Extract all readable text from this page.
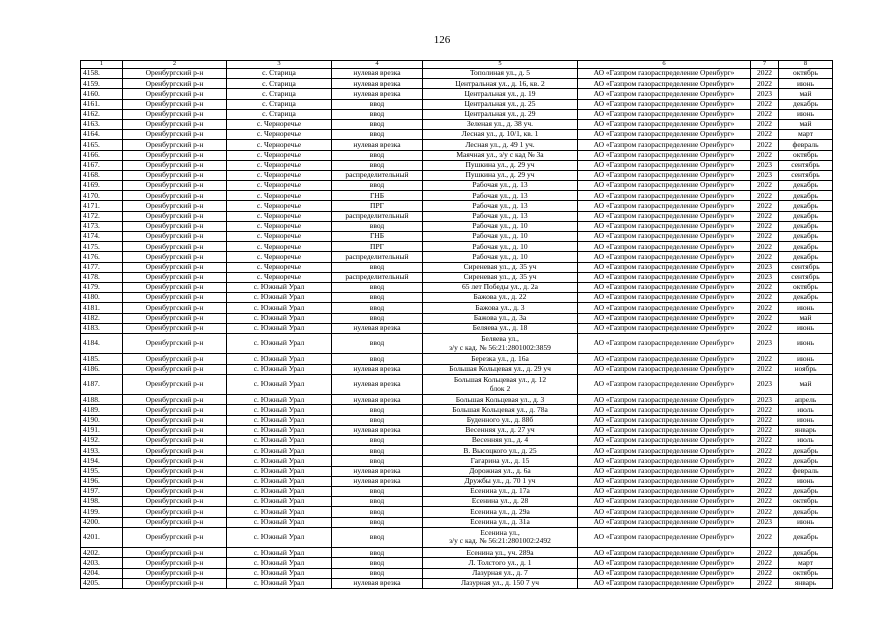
126
1	2	3	4	5	6	7	8
4158.	Оренбургский р-н	с. Старица	нулевая врезка	Тополиная ул., д. 5	АО «Газпром газораспределение Оренбург»	2022	октябрь
4159.	Оренбургский р-н	с. Старица	нулевая врезка	Центральная ул., д. 16, кв. 2	АО «Газпром газораспределение Оренбург»	2022	июнь
4160.	Оренбургский р-н	с. Старица	нулевая врезка	Центральная ул., д. 19	АО «Газпром газораспределение Оренбург»	2023	май
4161.	Оренбургский р-н	с. Старица	ввод	Центральная ул., д. 25	АО «Газпром газораспределение Оренбург»	2022	декабрь
4162.	Оренбургский р-н	с. Старица	ввод	Центральная ул., д. 29	АО «Газпром газораспределение Оренбург»	2022	июнь
4163.	Оренбургский р-н	с. Черноречье	ввод	Зеленая ул., д. 38 уч.	АО «Газпром газораспределение Оренбург»	2022	май
4164.	Оренбургский р-н	с. Черноречье	ввод	Лесная ул., д. 10/1, кв. 1	АО «Газпром газораспределение Оренбург»	2022	март
4165.	Оренбургский р-н	с. Черноречье	нулевая врезка	Лесная ул., д. 49 1 уч.	АО «Газпром газораспределение Оренбург»	2022	февраль
4166.	Оренбургский р-н	с. Черноречье	ввод	Маячная ул., з/у с кад № 3а	АО «Газпром газораспределение Оренбург»	2022	октябрь
4167.	Оренбургский р-н	с. Черноречье	ввод	Пушкина ул., д. 29 уч	АО «Газпром газораспределение Оренбург»	2023	сентябрь
4168.	Оренбургский р-н	с. Черноречье	распределительный	Пушкина ул., д. 29 уч	АО «Газпром газораспределение Оренбург»	2023	сентябрь
4169.	Оренбургский р-н	с. Черноречье	ввод	Рабочая ул., д. 13	АО «Газпром газораспределение Оренбург»	2022	декабрь
4170.	Оренбургский р-н	с. Черноречье	ГНБ	Рабочая ул., д. 13	АО «Газпром газораспределение Оренбург»	2022	декабрь
4171.	Оренбургский р-н	с. Черноречье	ПРГ	Рабочая ул., д. 13	АО «Газпром газораспределение Оренбург»	2022	декабрь
4172.	Оренбургский р-н	с. Черноречье	распределительный	Рабочая ул., д. 13	АО «Газпром газораспределение Оренбург»	2022	декабрь
4173.	Оренбургский р-н	с. Черноречье	ввод	Рабочая ул., д. 10	АО «Газпром газораспределение Оренбург»	2022	декабрь
4174.	Оренбургский р-н	с. Черноречье	ГНБ	Рабочая ул., д. 10	АО «Газпром газораспределение Оренбург»	2022	декабрь
4175.	Оренбургский р-н	с. Черноречье	ПРГ	Рабочая ул., д. 10	АО «Газпром газораспределение Оренбург»	2022	декабрь
4176.	Оренбургский р-н	с. Черноречье	распределительный	Рабочая ул., д. 10	АО «Газпром газораспределение Оренбург»	2022	декабрь
4177.	Оренбургский р-н	с. Черноречье	ввод	Сиреневая ул., д. 35 уч	АО «Газпром газораспределение Оренбург»	2023	сентябрь
4178.	Оренбургский р-н	с. Черноречье	распределительный	Сиреневая ул., д. 35 уч	АО «Газпром газораспределение Оренбург»	2023	сентябрь
4179.	Оренбургский р-н	с. Южный Урал	ввод	65 лет Победы ул., д. 2а	АО «Газпром газораспределение Оренбург»	2022	октябрь
4180.	Оренбургский р-н	с. Южный Урал	ввод	Бажова ул., д. 22	АО «Газпром газораспределение Оренбург»	2022	декабрь
4181.	Оренбургский р-н	с. Южный Урал	ввод	Бажова ул., д. 3	АО «Газпром газораспределение Оренбург»	2022	июнь
4182.	Оренбургский р-н	с. Южный Урал	ввод	Бажова ул., д. 3а	АО «Газпром газораспределение Оренбург»	2022	май
4183.	Оренбургский р-н	с. Южный Урал	нулевая врезка	Беляева ул., д. 18	АО «Газпром газораспределение Оренбург»	2022	июнь
4184.	Оренбургский р-н	с. Южный Урал	ввод	Беляева ул.,
з/у с кад. № 56:21:2801002:3859	АО «Газпром газораспределение Оренбург»	2023	июнь
4185.	Оренбургский р-н	с. Южный Урал	ввод	Березка ул., д. 16а	АО «Газпром газораспределение Оренбург»	2022	июнь
4186.	Оренбургский р-н	с. Южный Урал	нулевая врезка	Большая Кольцевая ул., д. 29 уч	АО «Газпром газораспределение Оренбург»	2022	ноябрь
4187.	Оренбургский р-н	с. Южный Урал	нулевая врезка	Большая Кольцевая ул., д. 12
блок 2	АО «Газпром газораспределение Оренбург»	2023	май
4188.	Оренбургский р-н	с. Южный Урал	нулевая врезка	Большая Кольцевая ул., д. 3	АО «Газпром газораспределение Оренбург»	2023	апрель
4189.	Оренбургский р-н	с. Южный Урал	ввод	Большая Кольцевая ул., д. 78а	АО «Газпром газораспределение Оренбург»	2022	июль
4190.	Оренбургский р-н	с. Южный Урал	ввод	Буденного ул., д. 88б	АО «Газпром газораспределение Оренбург»	2022	июнь
4191.	Оренбургский р-н	с. Южный Урал	нулевая врезка	Весенняя ул., д. 27 уч	АО «Газпром газораспределение Оренбург»	2022	январь
4192.	Оренбургский р-н	с. Южный Урал	ввод	Весенняя ул., д. 4	АО «Газпром газораспределение Оренбург»	2022	июль
4193.	Оренбургский р-н	с. Южный Урал	ввод	В. Высоцкого ул., д. 25	АО «Газпром газораспределение Оренбург»	2022	декабрь
4194.	Оренбургский р-н	с. Южный Урал	ввод	Гагарина ул., д. 15	АО «Газпром газораспределение Оренбург»	2022	декабрь
4195.	Оренбургский р-н	с. Южный Урал	нулевая врезка	Дорожная ул., д. 6а	АО «Газпром газораспределение Оренбург»	2022	февраль
4196.	Оренбургский р-н	с. Южный Урал	нулевая врезка	Дружбы ул., д. 70 1 уч	АО «Газпром газораспределение Оренбург»	2022	июнь
4197.	Оренбургский р-н	с. Южный Урал	ввод	Есенина ул., д. 17а	АО «Газпром газораспределение Оренбург»	2022	декабрь
4198.	Оренбургский р-н	с. Южный Урал	ввод	Есенина ул., д. 28	АО «Газпром газораспределение Оренбург»	2022	октябрь
4199.	Оренбургский р-н	с. Южный Урал	ввод	Есенина ул., д. 29а	АО «Газпром газораспределение Оренбург»	2022	декабрь
4200.	Оренбургский р-н	с. Южный Урал	ввод	Есенина ул., д. 31а	АО «Газпром газораспределение Оренбург»	2023	июнь
4201.	Оренбургский р-н	с. Южный Урал	ввод	Есенина ул.,
з/у с кад. № 56:21:2801002:2492	АО «Газпром газораспределение Оренбург»	2022	декабрь
4202.	Оренбургский р-н	с. Южный Урал	ввод	Есенина ул., уч. 289а	АО «Газпром газораспределение Оренбург»	2022	декабрь
4203.	Оренбургский р-н	с. Южный Урал	ввод	Л. Толстого ул., д. 1	АО «Газпром газораспределение Оренбург»	2022	март
4204.	Оренбургский р-н	с. Южный Урал	ввод	Лазурная ул., д. 7	АО «Газпром газораспределение Оренбург»	2022	октябрь
4205.	Оренбургский р-н	с. Южный Урал	нулевая врезка	Лазурная ул., д. 150 7 уч	АО «Газпром газораспределение Оренбург»	2022	январь
